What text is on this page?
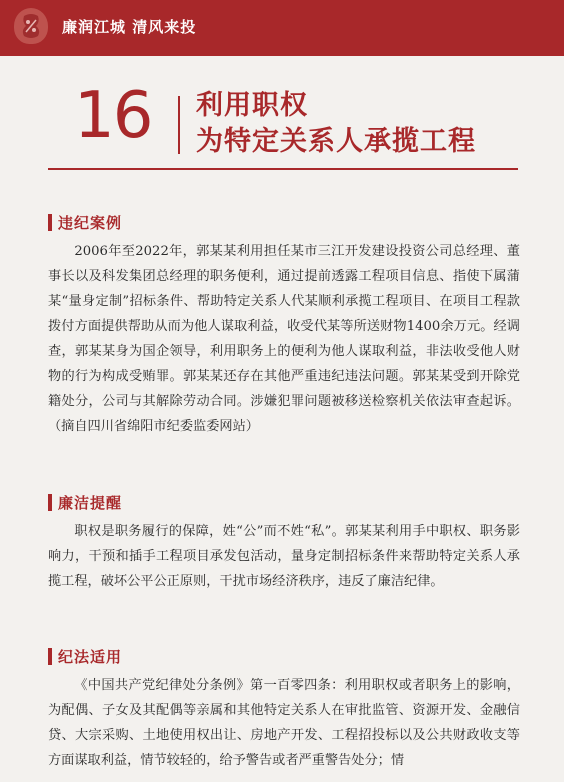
廉润江城 清风来投
16 利用职权
为特定关系人承揽工程
违纪案例
2006年至2022年，郭某某利用担任某市三江开发建设投资公司总经理、董事长以及科发集团总经理的职务便利，通过提前透露工程项目信息、指使下属蒲某“量身定制”招标条件、帮助特定关系人代某顺利承揽工程项目、在项目工程款拨付方面提供帮助从而为他人谋取利益，收受代某等所送财物1400余万元。经调查，郭某某身为国企领导，利用职务上的便利为他人谋取利益，非法收受他人财物的行为构成受贿罪。郭某某还存在其他严重违纪违法问题。郭某某受到开除党籍处分，公司与其解除劳动合同。涉嫌犯罪问题被移送检察机关依法审查起诉。（摘自四川省绵阳市纪委监委网站）
廉洁提醒
职权是职务履行的保障，姓“公”而不姓“私”。郭某某利用手中职权、职务影响力，干预和插手工程项目承发包活动，量身定制招标条件来帮助特定关系人承揽工程，破坏公平公正原则，干扰市场经济秩序，违反了廉洁纪律。
纪法适用
《中国共产党纪律处分条例》第一百零四条：利用职权或者职务上的影响，为配偶、子女及其配偶等亲属和其他特定关系人在审批监管、资源开发、金融信贷、大宗采购、土地使用权出让、房地产开发、工程招投标以及公共财政收支等方面谋取利益，情节较轻的，给予警告或者严重警告处分；情
